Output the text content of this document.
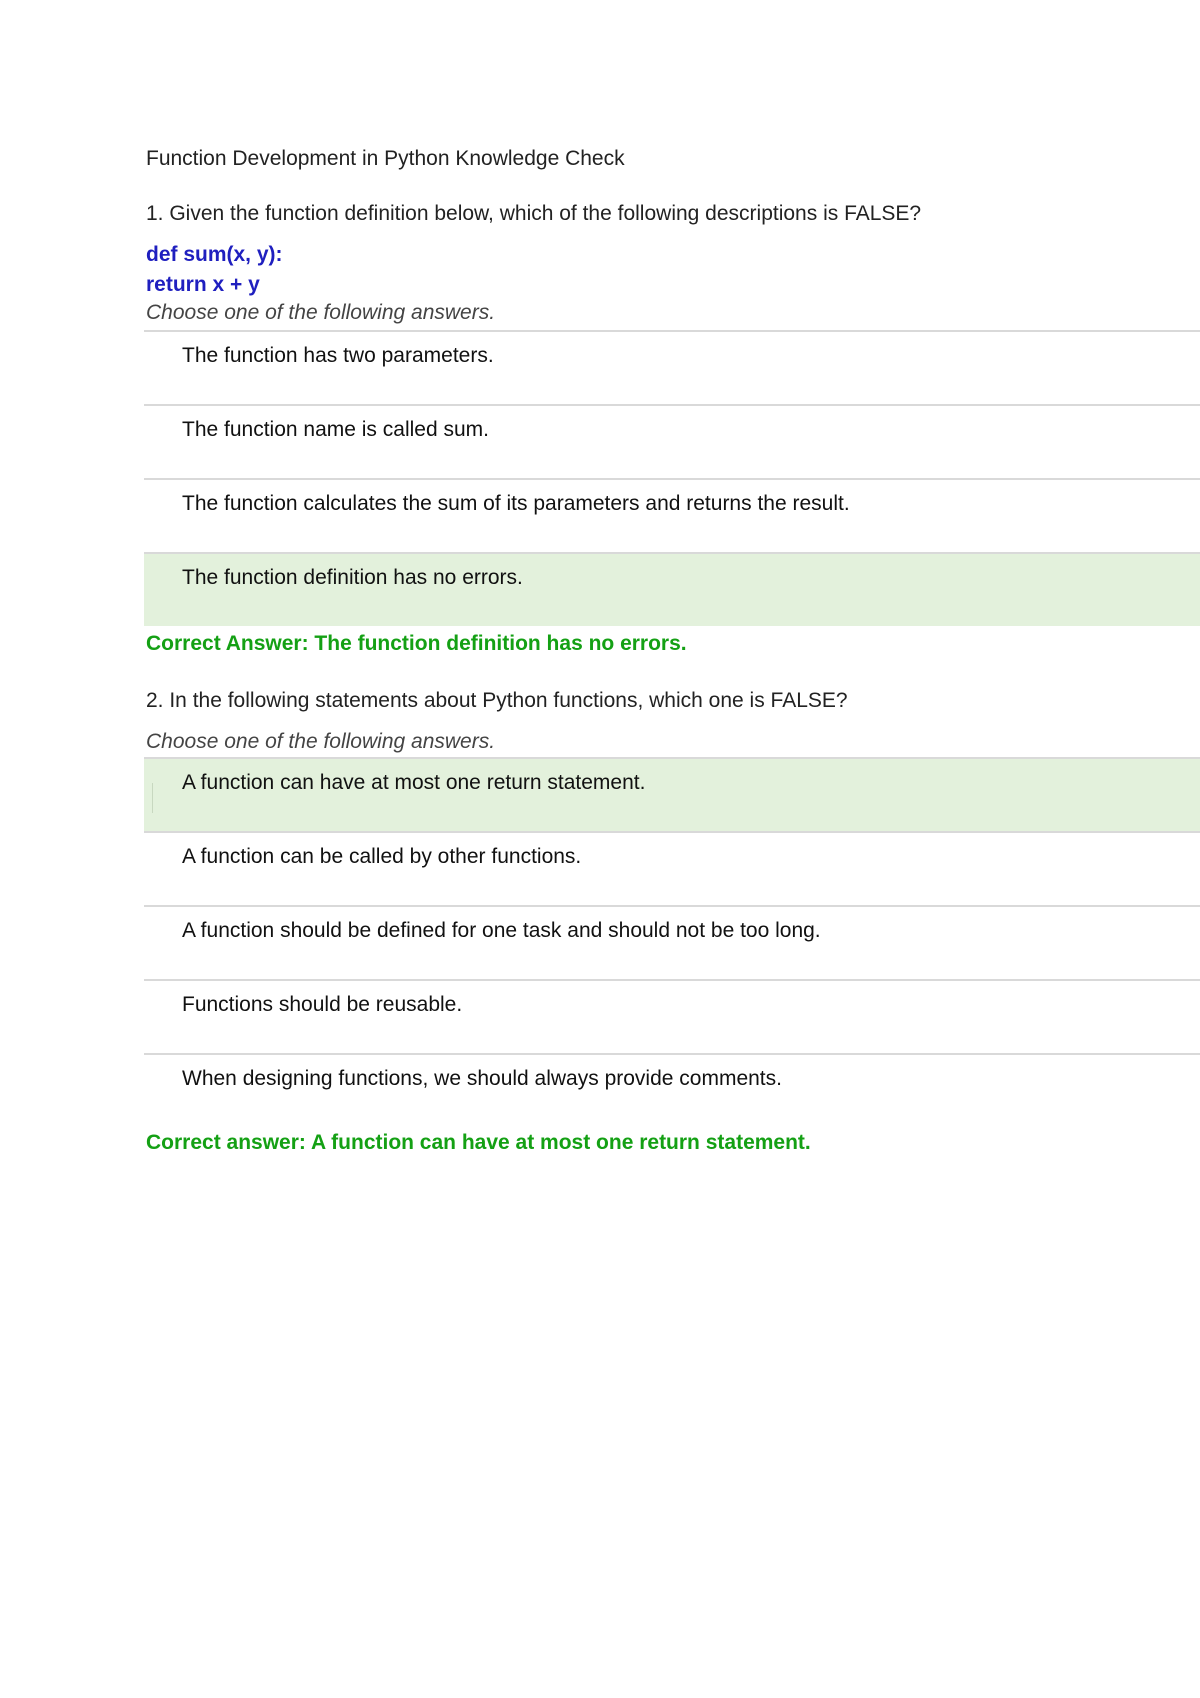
Function Development in Python Knowledge Check

1. Given the function definition below, which of the following descriptions is FALSE?

def sum(x, y):
return x + y
Choose one of the following answers.
The function has two parameters.
The function name is called sum.
The function calculates the sum of its parameters and returns the result.
The function definition has no errors.
Correct Answer: The function definition has no errors.

2. In the following statements about Python functions, which one is FALSE?

Choose one of the following answers.
A function can have at most one return statement.
A function can be called by other functions.
A function should be defined for one task and should not be too long.
Functions should be reusable.
When designing functions, we should always provide comments.
Correct answer: A function can have at most one return statement.
